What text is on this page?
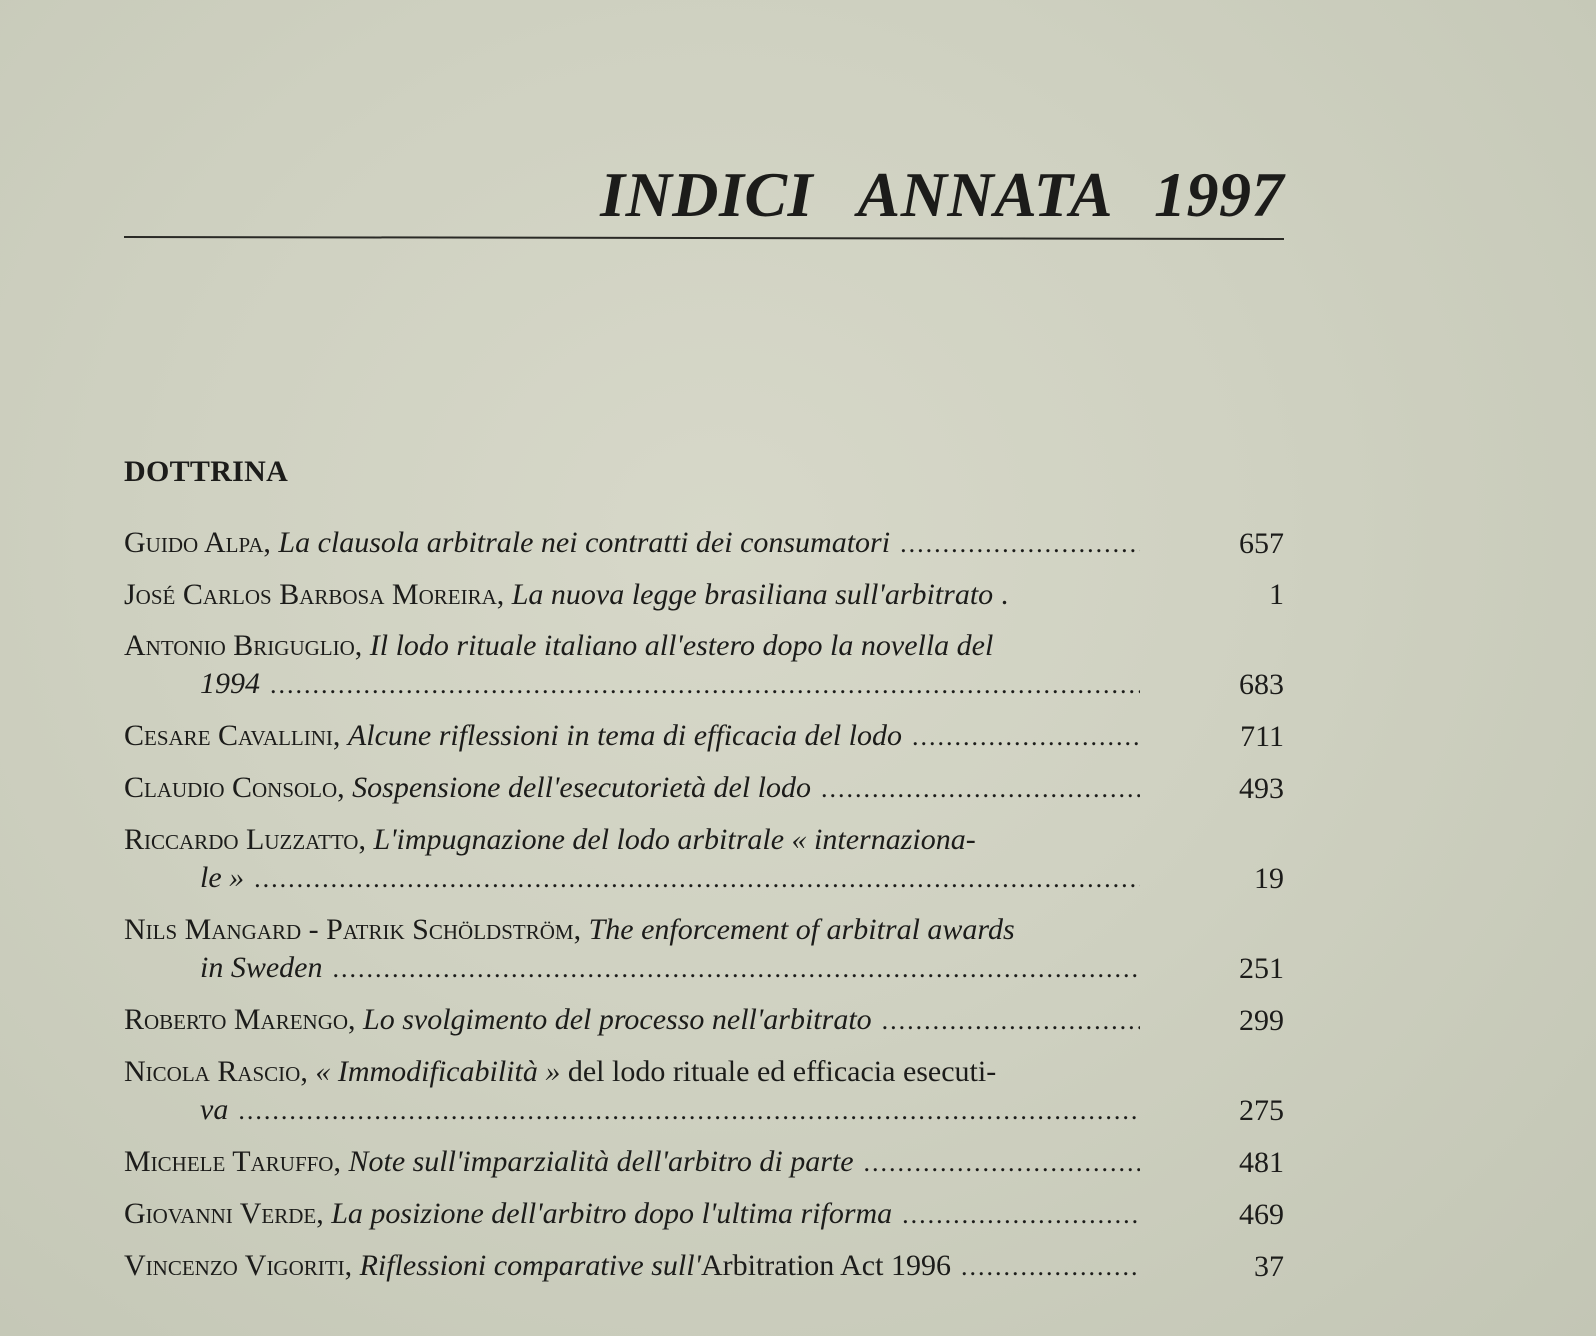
INDICI ANNATA 1997
DOTTRINA
Guido Alpa , La clausola arbitrale nei contratti dei consumatori .....	657
José Carlos Barbosa Moreira , La nuova legge brasiliana sull'arbitrato .	1
Antonio Briguglio, Il lodo rituale italiano all'estero dopo la novella del
1994 .....	683
Cesare Cavallini , Alcune riflessioni in tema di efficacia del lodo .....	711
Claudio Consolo , Sospensione dell'esecutorietà del lodo .....	493
Riccardo Luzzatto, L'impugnazione del lodo arbitrale « internaziona-
le » .....	19
Nils Mangard - Patrik Schöldström, The enforcement of arbitral awards
in Sweden .....	251
Roberto Marengo , Lo svolgimento del processo nell'arbitrato .....	299
Nicola Rascio, « Immodificabilità » del lodo rituale ed efficacia esecuti-
va .....	275
Michele Taruffo , Note sull'imparzialità dell'arbitro di parte .....	481
Giovanni Verde , La posizione dell'arbitro dopo l'ultima riforma .....	469
Vincenzo Vigoriti , Riflessioni comparative sull' Arbitration Act 1996 .....	37
